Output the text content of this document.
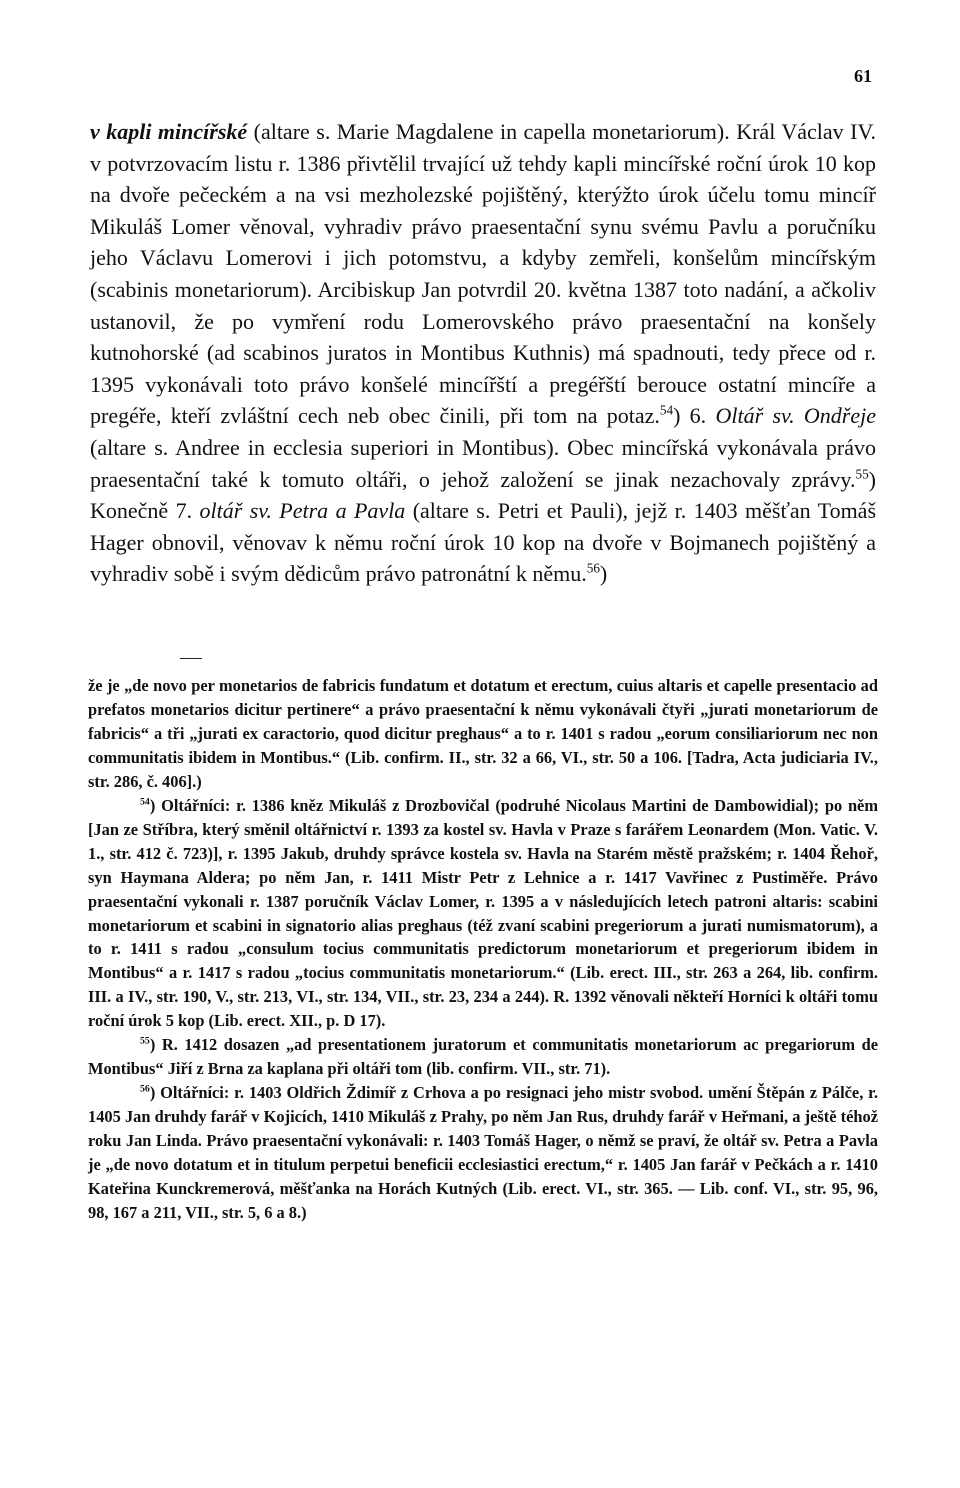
61

v kapli mincířské (altare s. Marie Magdalene in capella monetariorum). Král Václav IV. v potvrzovacím listu r. 1386 přivtělil trvající už tehdy kapli mincířské roční úrok 10 kop na dvoře pečeckém a na vsi mezholezské pojištěný, kterýžto úrok účelu tomu mincíř Mikuláš Lomer věnoval, vyhradiv právo praesentační synu svému Pavlu a poručníku jeho Václavu Lomerovi i jich potomstvu, a kdyby zemřeli, konšelům mincířským (scabinis monetariorum). Arcibiskup Jan potvrdil 20. května 1387 toto nadání, a ačkoliv ustanovil, že po vymření rodu Lomerovského právo praesentační na konšely kutnohorské (ad scabinos juratos in Montibus Kuthnis) má spadnouti, tedy přece od r. 1395 vykonávali toto právo konšelé mincířští a pregéřští berouce ostatní mincíře a pregéře, kteří zvláštní cech neb obec činili, při tom na potaz.$^{54}$) 6. Oltář sv. Ondřeje (altare s. Andree in ecclesia superiori in Montibus). Obec mincířská vykonávala právo praesentační také k tomuto oltáři, o jehož založení se jinak nezachovaly zprávy.$^{55}$) Konečně 7. oltář sv. Petra a Pavla (altare s. Petri et Pauli), jejž r. 1403 měšťan Tomáš Hager obnovil, věnovav k němu roční úrok 10 kop na dvoře v Bojmanech pojištěný a vyhradiv sobě i svým dědicům právo patronátní k němu.$^{56}$)

že je „de novo per monetarios de fabricis fundatum et dotatum et erectum, cuius altaris et capelle presentacio ad prefatos monetarios dicitur pertinere“ a právo praesentační k němu vykonávali čtyři „jurati monetariorum de fabricis“ a tři „jurati ex caractorio, quod dicitur preghaus“ a to r. 1401 s radou „eorum consiliariorum nec non communitatis ibidem in Montibus.“ (Lib. confirm. II., str. 32 a 66, VI., str. 50 a 106. [Tadra, Acta judiciaria IV., str. 286, č. 406].)

$^{54}$) Oltářníci: r. 1386 kněz Mikuláš z Drozbovičal (podruhé Nicolaus Martini de Dambowidial); po něm [Jan ze Stříbra, který směnil oltářnictví r. 1393 za kostel sv. Havla v Praze s farářem Leonardem (Mon. Vatic. V. 1., str. 412 č. 723)], r. 1395 Jakub, druhdy správce kostela sv. Havla na Starém městě pražském; r. 1404 Řehoř, syn Haymana Aldera; po něm Jan, r. 1411 Mistr Petr z Lehnice a r. 1417 Vavřinec z Pustiměře. Právo praesentační vykonali r. 1387 poručník Václav Lomer, r. 1395 a v následujících letech patroni altaris: scabini monetariorum et scabini in signatorio alias preghaus (též zvaní scabini pregeriorum a jurati numismatorum), a to r. 1411 s radou „consulum tocius communitatis predictorum monetariorum et pregeriorum ibidem in Montibus“ a r. 1417 s radou „tocius communitatis monetariorum.“ (Lib. erect. III., str. 263 a 264, lib. confirm. III. a IV., str. 190, V., str. 213, VI., str. 134, VII., str. 23, 234 a 244). R. 1392 věnovali někteří Horníci k oltáři tomu roční úrok 5 kop (Lib. erect. XII., p. D 17).

$^{55}$) R. 1412 dosazen „ad presentationem juratorum et communitatis monetariorum ac pregariorum de Montibus“ Jiří z Brna za kaplana při oltáři tom (lib. confirm. VII., str. 71).

$^{56}$) Oltářníci: r. 1403 Oldřich Ždimíř z Crhova a po resignaci jeho mistr svobod. umění Štěpán z Pálče, r. 1405 Jan druhdy farář v Kojicích, 1410 Mikuláš z Prahy, po něm Jan Rus, druhdy farář v Heřmani, a ještě téhož roku Jan Linda. Právo praesentační vykonávali: r. 1403 Tomáš Hager, o němž se praví, že oltář sv. Petra a Pavla je „de novo dotatum et in titulum perpetui beneficii ecclesiastici erectum,“ r. 1405 Jan farář v Pečkách a r. 1410 Kateřina Kunckremerová, měšťanka na Horách Kutných (Lib. erect. VI., str. 365. — Lib. conf. VI., str. 95, 96, 98, 167 a 211, VII., str. 5, 6 a 8.)
